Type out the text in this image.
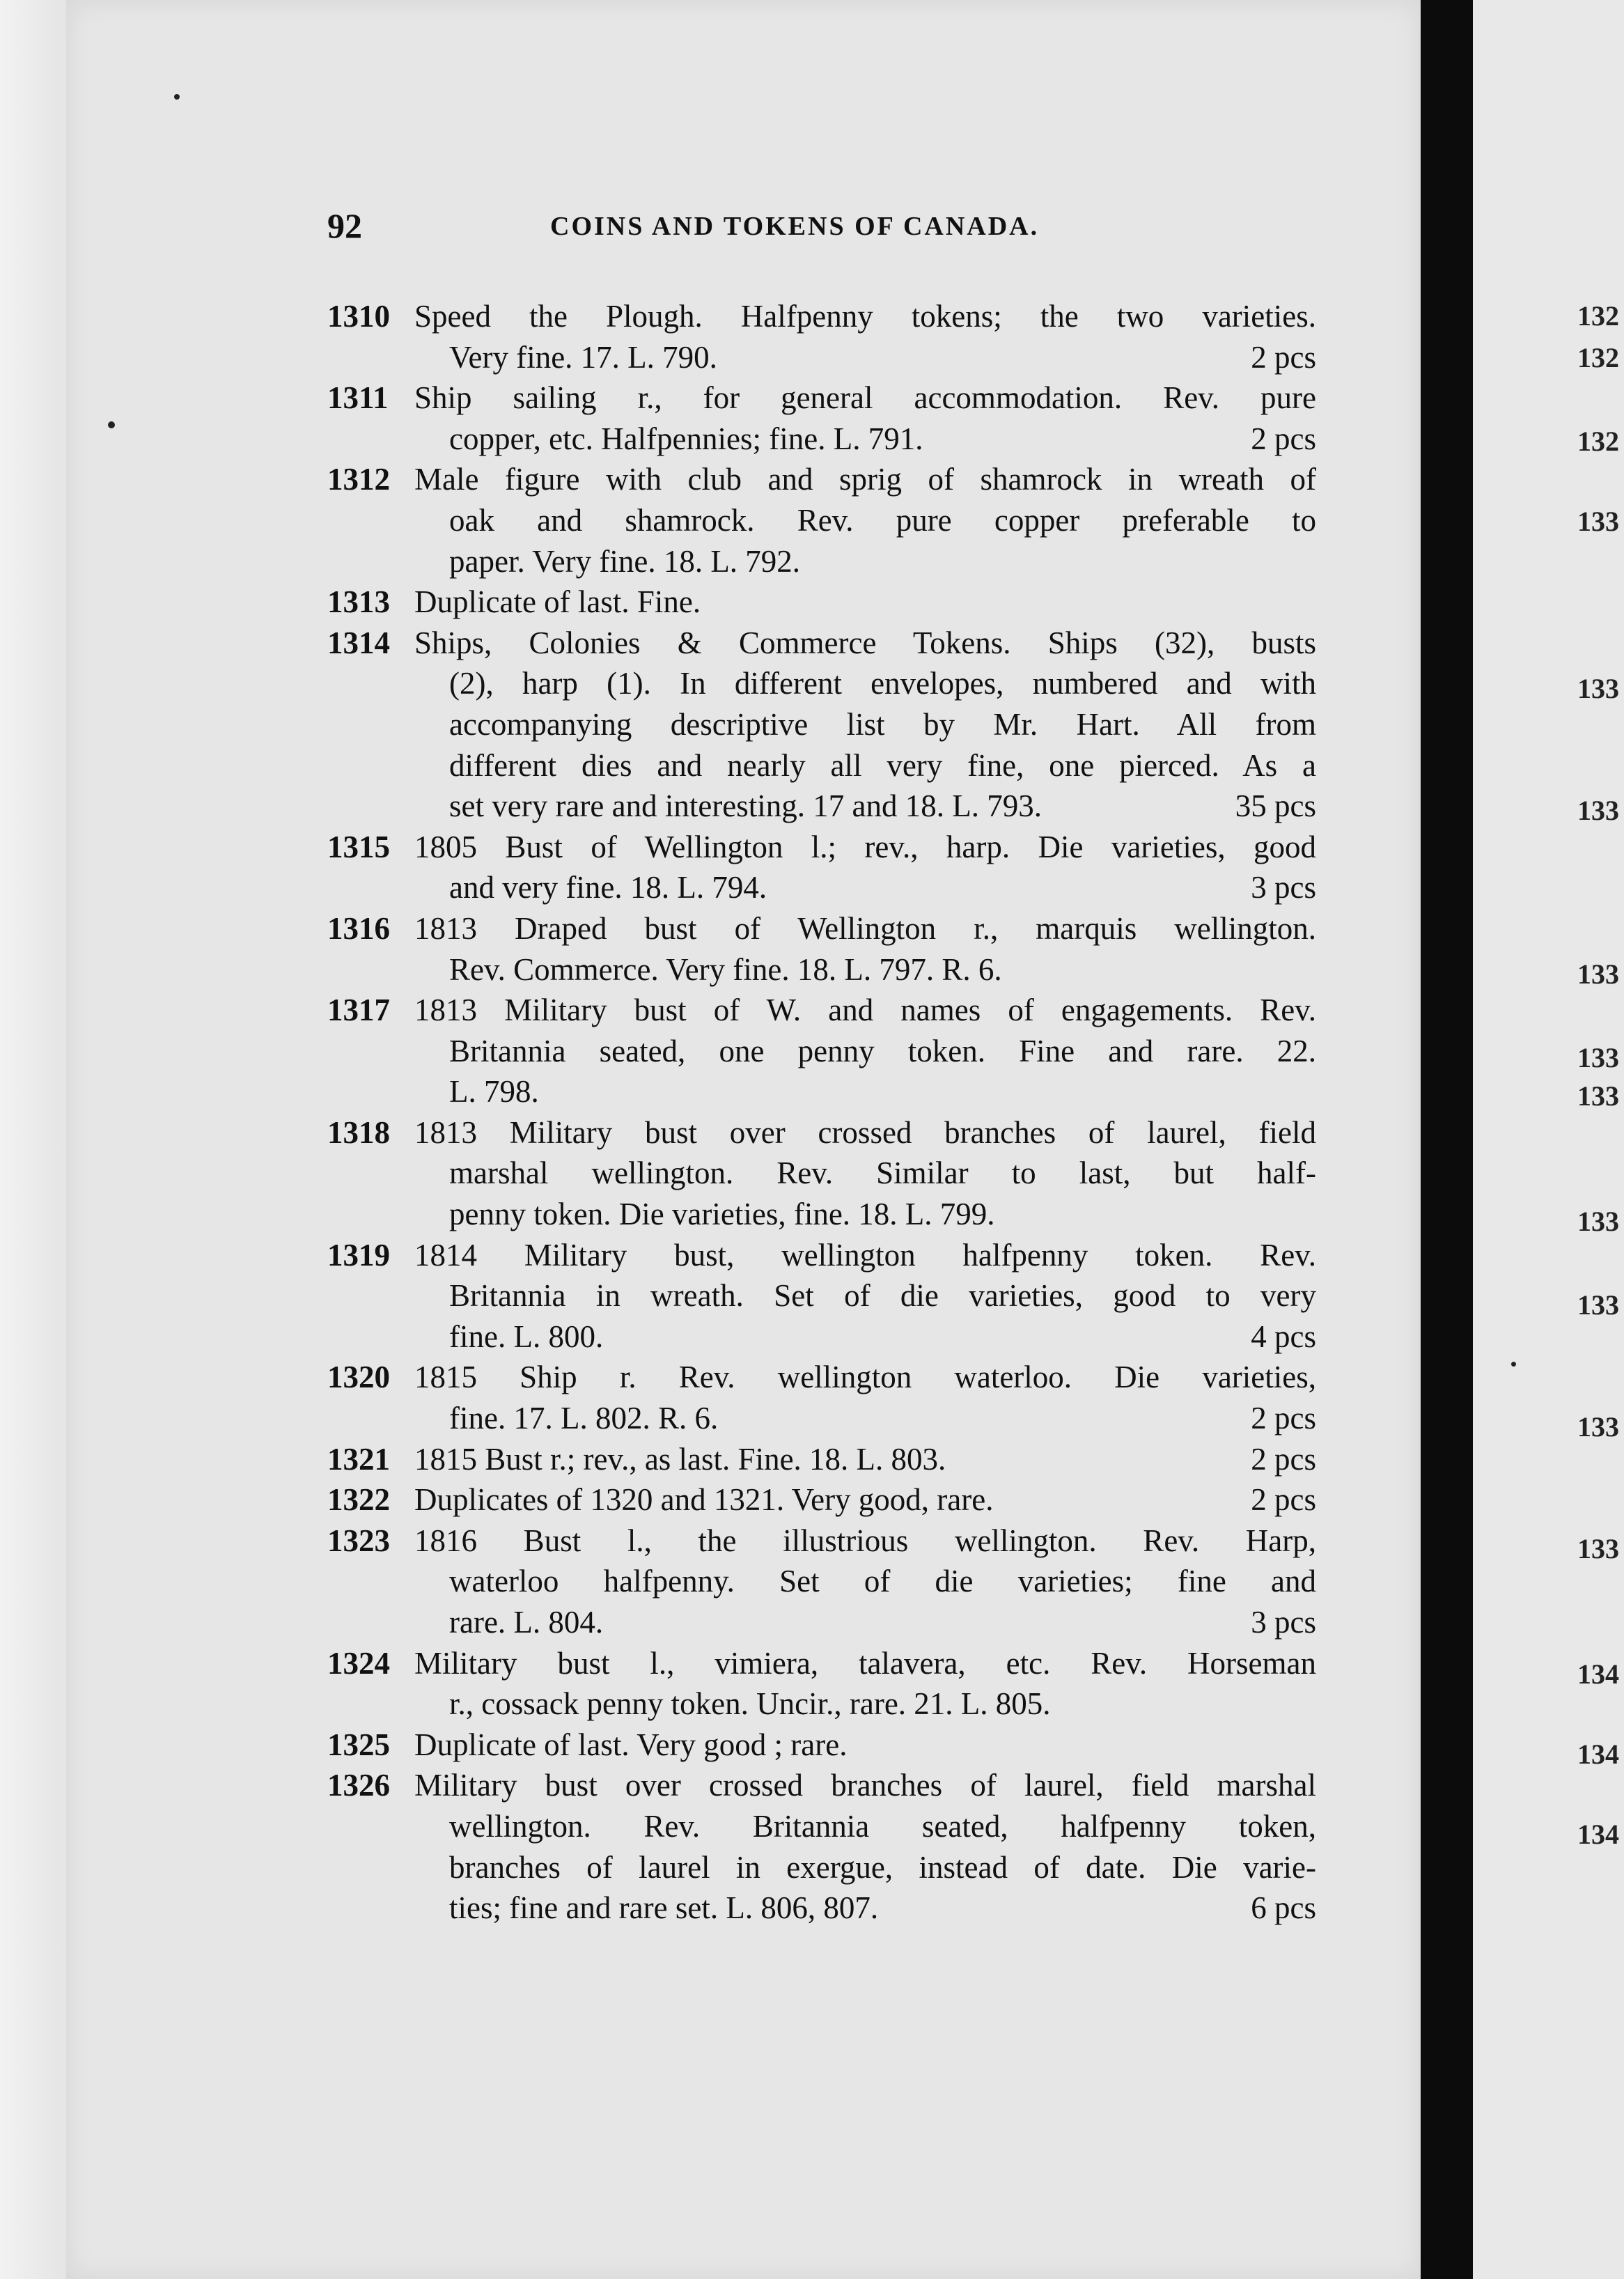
132
132
132
133
133
133
133
133
133
133
133
133
133
134
134
134
92	COINS AND TOKENS OF CANADA.
1310 Speed the Plough. Halfpenny tokens; the two varieties.
Very fine. 17. L. 790.	2 pcs
1311 Ship sailing r., for general accommodation. Rev. pure
copper, etc. Halfpennies; fine. L. 791.	2 pcs
1312 Male figure with club and sprig of shamrock in wreath of
oak and shamrock. Rev. pure copper preferable to
paper. Very fine. 18. L. 792.
1313 Duplicate of last. Fine.
1314 Ships, Colonies & Commerce Tokens. Ships (32), busts
(2), harp (1). In different envelopes, numbered and with
accompanying descriptive list by Mr. Hart. All from
different dies and nearly all very fine, one pierced. As a
set very rare and interesting. 17 and 18. L. 793.	35 pcs
1315 1805 Bust of Wellington l.; rev., harp. Die varieties, good
and very fine. 18. L. 794.	3 pcs
1316 1813 Draped bust of Wellington r., marquis wellington.
Rev. Commerce. Very fine. 18. L. 797. R. 6.
1317 1813 Military bust of W. and names of engagements. Rev.
Britannia seated, one penny token. Fine and rare. 22.
L. 798.
1318 1813 Military bust over crossed branches of laurel, field
marshal wellington. Rev. Similar to last, but half-
penny token. Die varieties, fine. 18. L. 799.
1319 1814 Military bust, wellington halfpenny token. Rev.
Britannia in wreath. Set of die varieties, good to very
fine. L. 800.	4 pcs
1320 1815 Ship r. Rev. wellington waterloo. Die varieties,
fine. 17. L. 802. R. 6.	2 pcs
1321 1815 Bust r.; rev., as last. Fine. 18. L. 803.	2 pcs
1322 Duplicates of 1320 and 1321. Very good, rare.	2 pcs
1323 1816 Bust l., the illustrious wellington. Rev. Harp,
waterloo halfpenny. Set of die varieties; fine and
rare. L. 804.	3 pcs
1324 Military bust l., vimiera, talavera, etc. Rev. Horseman
r., cossack penny token. Uncir., rare. 21. L. 805.
1325 Duplicate of last. Very good ; rare.
1326 Military bust over crossed branches of laurel, field marshal
wellington. Rev. Britannia seated, halfpenny token,
branches of laurel in exergue, instead of date. Die varie-
ties; fine and rare set. L. 806, 807.	6 pcs
